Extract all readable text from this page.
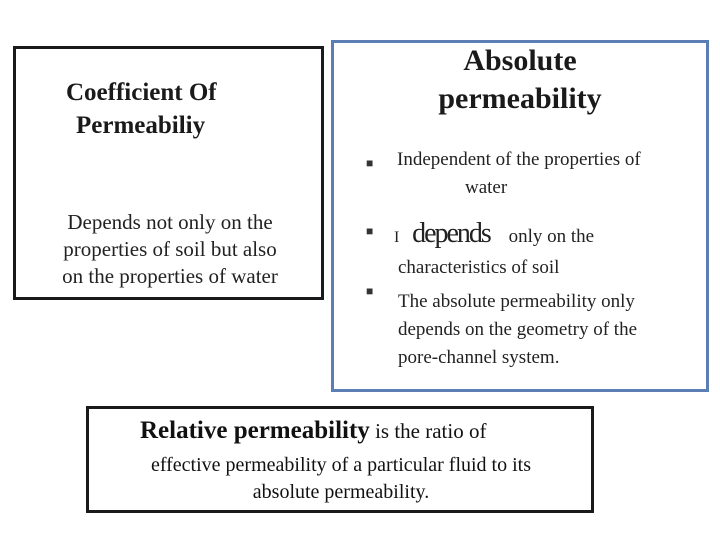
Coefficient Of
Permeabiliy
Depends not only on the
properties of soil but also
on the properties of water
Absolute
permeability
■ Independent of the properties of
water
■ I depends only on the
characteristics of soil
■ The absolute permeability only
depends on the geometry of the
pore-channel system.
Relative permeability is the ratio of
effective permeability of a particular fluid to its
absolute permeability.
